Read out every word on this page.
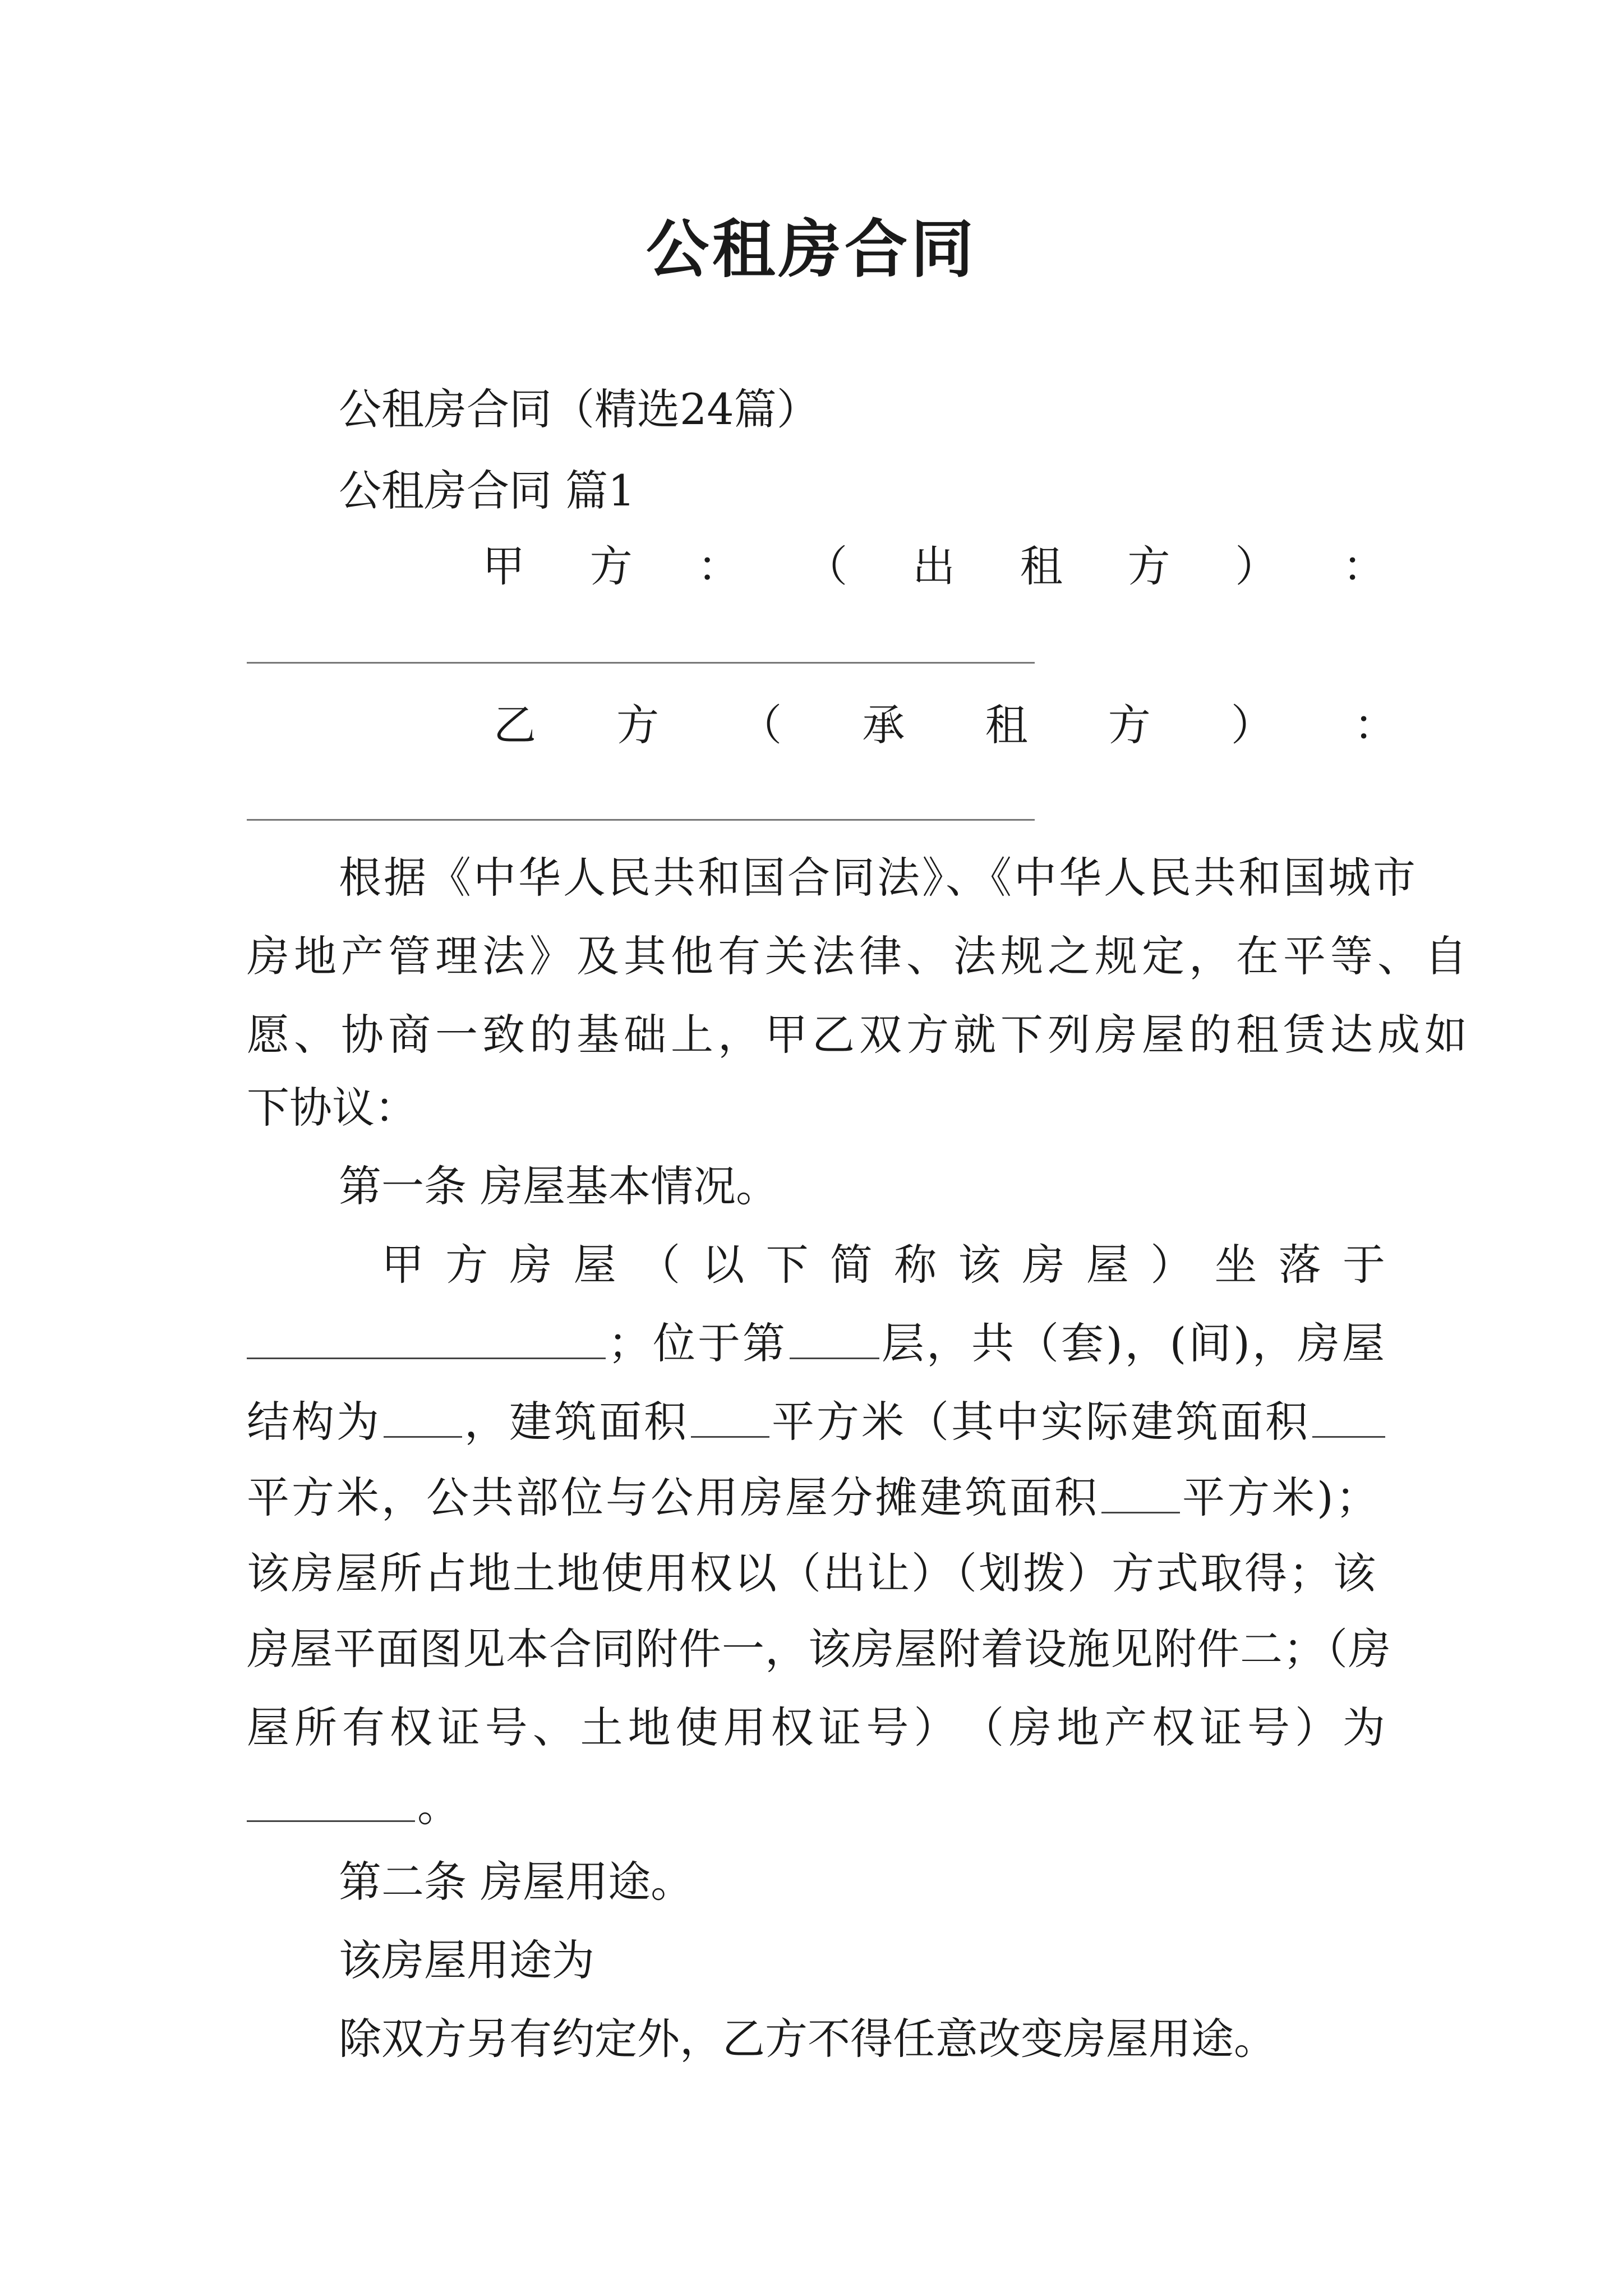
公租房合同
公租房合同（精选24篇）
公租房合同 篇1
甲 方 ： （ 出 租 方 ） ：
乙 方 （ 承 租 方 ） ：
根据《中华人民共和国合同法》、《中华人民共和国城市
房地产管理法》及其他有关法律、法规之规定，在平等、自
愿、协商一致的基础上，甲乙双方就下列房屋的租赁达成如
下协议：
第一条 房屋基本情况。
甲 方 房 屋 （ 以 下 简 称 该 房 屋 ） 坐 落 于
；位于第 层，共（套)，(间)，房屋
结构为 ，建筑面积 平方米（其中实际建筑面积
平方米，公共部位与公用房屋分摊建筑面积 平方米)；
该房屋所占地土地使用权以（出让）（划拨）方式取得；该
房屋平面图见本合同附件一，该房屋附着设施见附件二；（房
屋 所 有 权 证 号 、 土 地 使 用 权 证 号 ） （ 房 地 产 权 证 号 ） 为
。
第二条 房屋用途。
该房屋用途为
除双方另有约定外，乙方不得任意改变房屋用途。
